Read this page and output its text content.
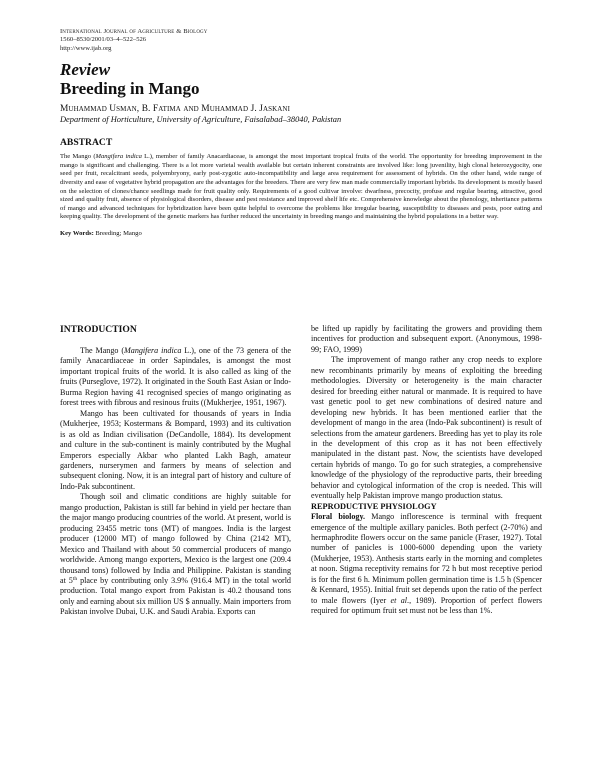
International Journal of Agriculture & Biology
1560–8530/2001/03–4–522–526
http://www.ijab.org
Review
Breeding in Mango
Muhammad Usman, B. Fatima and Muhammad J. Jaskani
Department of Horticulture, University of Agriculture, Faisalabad–38040, Pakistan
ABSTRACT
The Mango (Mangifera indica L.), member of family Anacardiaceae, is amongst the most important tropical fruits of the world. The opportunity for breeding improvement in the mango is significant and challenging. There is a lot more varietal wealth available but certain inherent constraints are involved like: long juvenility, high clonal heterozygocity, one seed per fruit, recalcitrant seeds, polyembryony, early post-zygotic auto-incompatibility and large area requirement for assessment of hybrids. On the other hand, wide range of diversity and ease of vegetative hybrid propagation are the advantages for the breeders. There are very few man made commercially important hybrids. Its development is mostly based on the selection of clones/chance seedlings made for fruit quality only. Requirements of a good cultivar involve: dwarfness, precocity, profuse and regular bearing, attractive, good sized and quality fruit, absence of physiological disorders, disease and pest resistance and improved shelf life etc. Comprehensive knowledge about the phenology, inheritance patterns of mango and advanced techniques for hybridization have been quite helpful to overcome the problems like irregular bearing, susceptibility to diseases and pests, poor eating and keeping quality. The development of the genetic markers has further reduced the uncertainty in breeding mango and maintaining the hybrid populations in a better way.
Key Words: Breeding; Mango

INTRODUCTION

The Mango (Mangifera indica L.), one of the 73 genera of the family Anacardiaceae in order Sapindales, is amongst the most important tropical fruits of the world. It is also called as king of the fruits (Purseglove, 1972). It originated in the South East Asian or Indo-Burma Region having 41 recognised species of mango originating as forest trees with fibrous and resinous fruits ((Mukherjee, 1951, 1967).

Mango has been cultivated for thousands of years in India (Mukherjee, 1953; Kostermans & Bompard, 1993) and its cultivation is as old as Indian civilisation (DeCandolle, 1884). Its development and culture in the sub-continent is mainly contributed by the Mughal Emperors especially Akbar who planted Lakh Bagh, amateur gardeners, nurserymen and farmers by means of selection and subsequent cloning. Now, it is an integral part of history and culture of Indo-Pak subcontinent.

Though soil and climatic conditions are highly suitable for mango production, Pakistan is still far behind in yield per hectare than the major mango producing countries of the world. At present, world is producing 23455 metric tons (MT) of mangoes. India is the largest producer (12000 MT) of mango followed by China (2142 MT), Mexico and Thailand with about 50 commercial producers of mango worldwide. Among mango exporters, Mexico is the largest one (209.4 thousand tons) followed by India and Philippine. Pakistan is standing at 5th place by contributing only 3.9% (916.4 MT) in the total world production. Total mango export from Pakistan is 40.2 thousand tons only and earning about six million US $ annually. Main importers from Pakistan involve Dubai, U.K. and Saudi Arabia. Exports can

be lifted up rapidly by facilitating the growers and providing them incentives for production and subsequent export. (Anonymous, 1998-99; FAO, 1999)

The improvement of mango rather any crop needs to explore new recombinants primarily by means of exploiting the breeding methodologies. Diversity or heterogeneity is the main character desired for breeding either natural or manmade. It is required to have vast genetic pool to get new combinations of desired nature and developing new hybrids. It has been mentioned earlier that the development of mango in the area (Indo-Pak subcontinent) is result of selections from the amateur gardeners. Breeding has yet to play its role in the development of this crop as it has not been effectively manipulated in the distant past. Now, the scientists have developed certain hybrids of mango. To go for such strategies, a comprehensive knowledge of the physiology of the reproductive parts, their breeding behavior and cytological information of the crop is needed. This will eventually help Pakistan improve mango production status.

REPRODUCTIVE PHYSIOLOGY

Floral biology. Mango inflorescence is terminal with frequent emergence of the multiple axillary panicles. Both perfect (2-70%) and hermaphrodite flowers occur on the same panicle (Fraser, 1927). Total number of panicles is 1000-6000 depending upon the variety (Mukherjee, 1953). Anthesis starts early in the morning and completes at noon. Stigma receptivity remains for 72 h but most receptive period is for the first 6 h. Minimum pollen germination time is 1.5 h (Spencer & Kennard, 1955). Initial fruit set depends upon the ratio of the perfect to male flowers (Iyer et al., 1989). Proportion of perfect flowers required for optimum fruit set must not be less than 1%.
